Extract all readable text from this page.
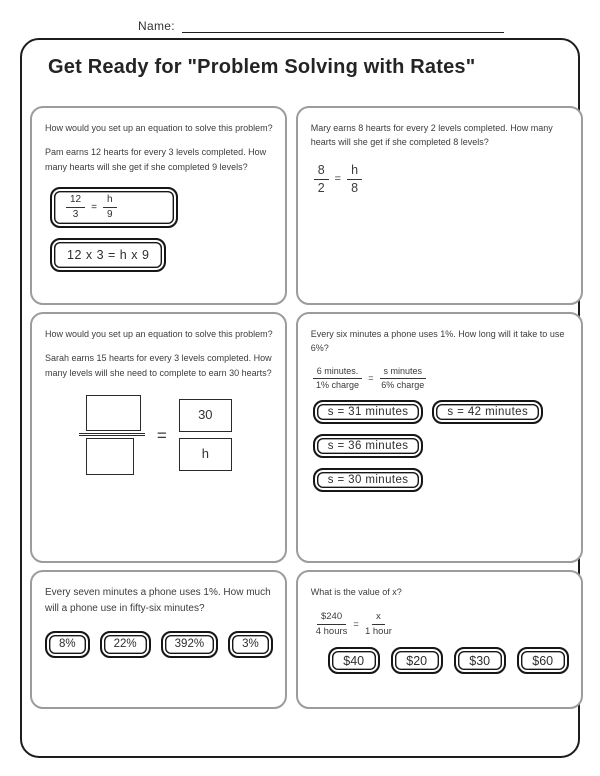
Name:
Get Ready for "Problem Solving with Rates"

How would you set up an equation to solve this problem?

Pam earns 12 hearts for every 3 levels completed. How many hearts will she get if she completed 9 levels?

$\frac{12}{3} = \frac{h}{9}$
12 x 3 = h x 9

Mary earns 8 hearts for every 2 levels completed. How many hearts will she get if she completed 8 levels?

$\frac{8}{2} = \frac{h}{8}$

How would you set up an equation to solve this problem?

Sarah earns 15 hearts for every 3 levels completed. How many levels will she need to complete to earn 30 hearts?

= $\frac{30}{h}$

Every six minutes a phone uses 1%. How long will it take to use 6%?

$\frac{\text{6 minutes.}}{\text{1\% charge}} = \frac{\text{s minutes}}{\text{6\% charge}}$
s = 31 minutes	s = 42 minutes
s = 36 minutes
s = 30 minutes

Every seven minutes a phone uses 1%. How much will a phone use in fifty-six minutes?

8%	22%	392%	3%

What is the value of x?

$\frac{\$240}{\text{4 hours}} = \frac{x}{\text{1 hour}}$
$40	$20	$30	$60
